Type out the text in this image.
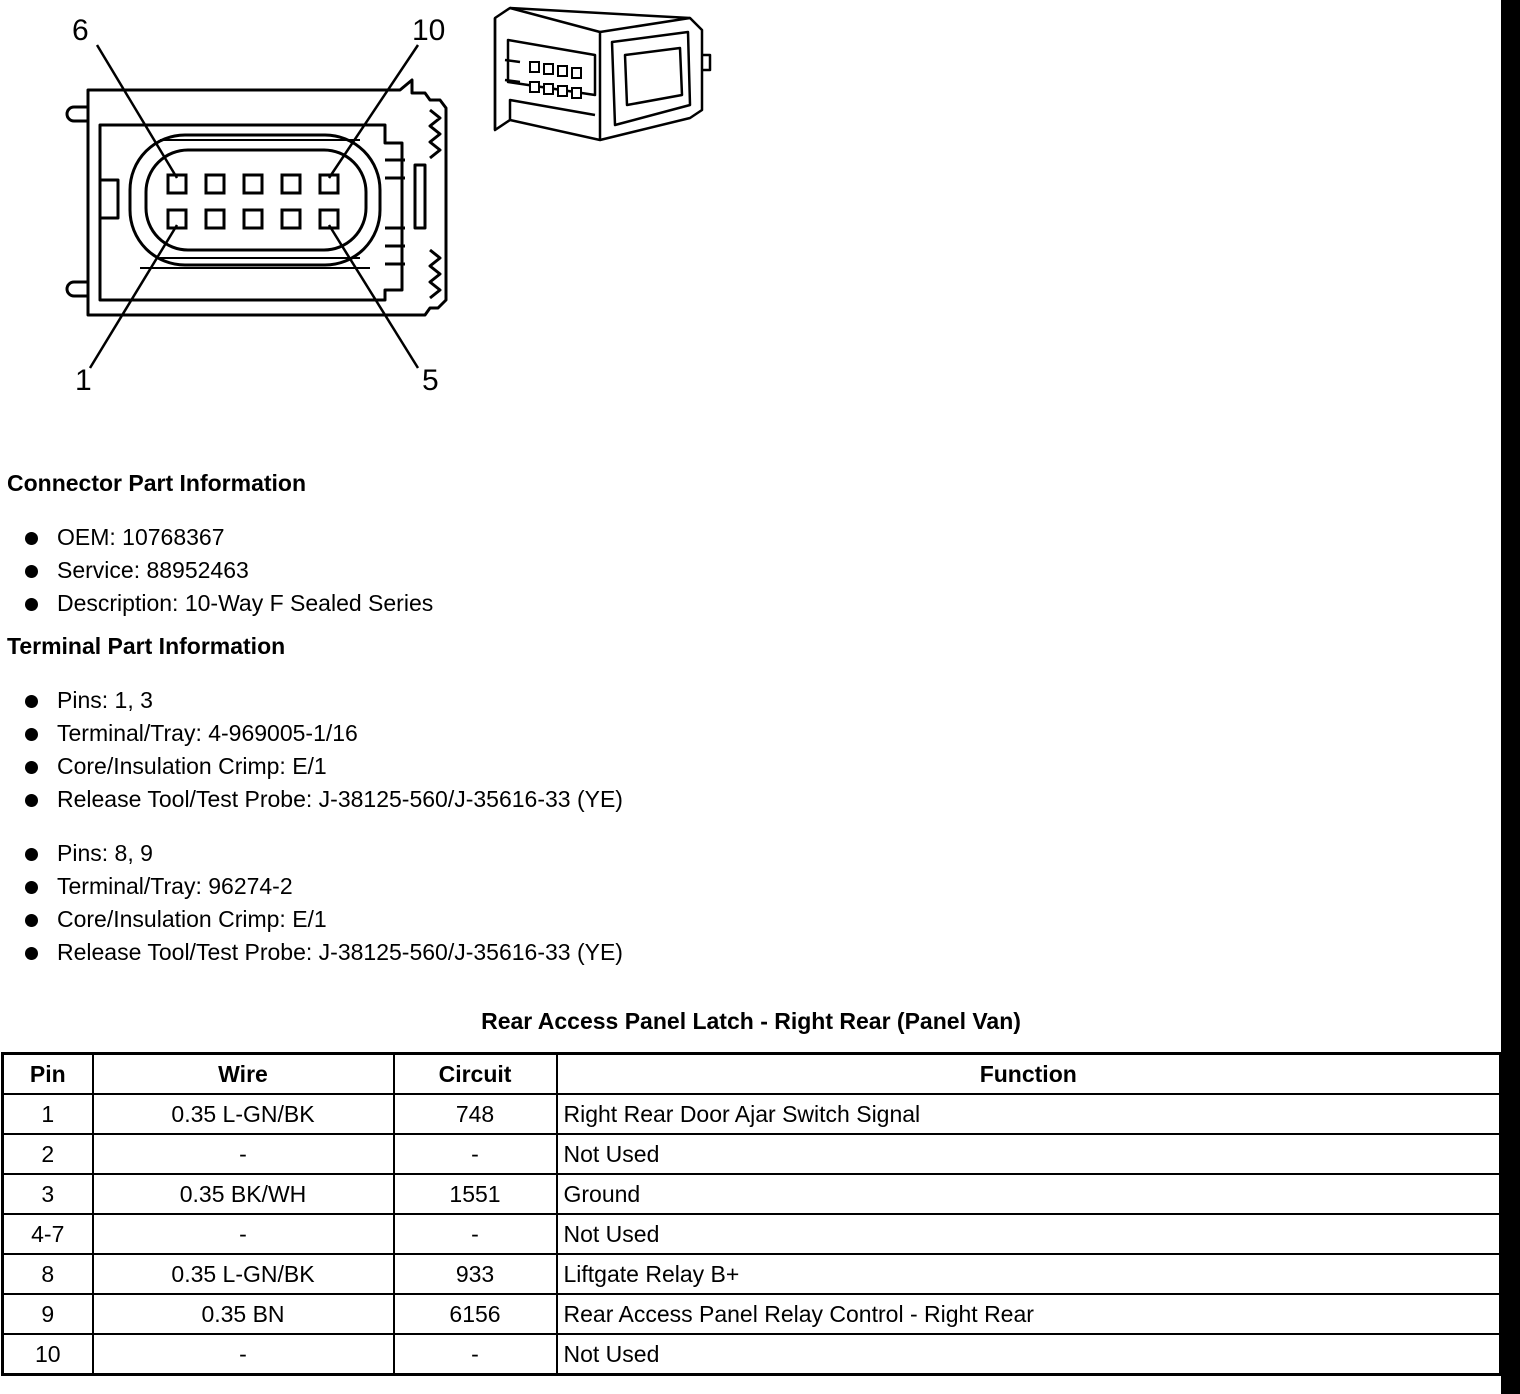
6	10
1	5
Connector Part Information
OEM: 10768367
Service: 88952463
Description: 10-Way F Sealed Series
Terminal Part Information
Pins: 1, 3
Terminal/Tray: 4-969005-1/16
Core/Insulation Crimp: E/1
Release Tool/Test Probe: J-38125-560/J-35616-33 (YE)
Pins: 8, 9
Terminal/Tray: 96274-2
Core/Insulation Crimp: E/1
Release Tool/Test Probe: J-38125-560/J-35616-33 (YE)
Rear Access Panel Latch - Right Rear (Panel Van)
Pin	Wire	Circuit	Function
1	0.35 L-GN/BK	748	Right Rear Door Ajar Switch Signal
2	-	-	Not Used
3	0.35 BK/WH	1551	Ground
4-7	-	-	Not Used
8	0.35 L-GN/BK	933	Liftgate Relay B+
9	0.35 BN	6156	Rear Access Panel Relay Control - Right Rear
10	-	-	Not Used
